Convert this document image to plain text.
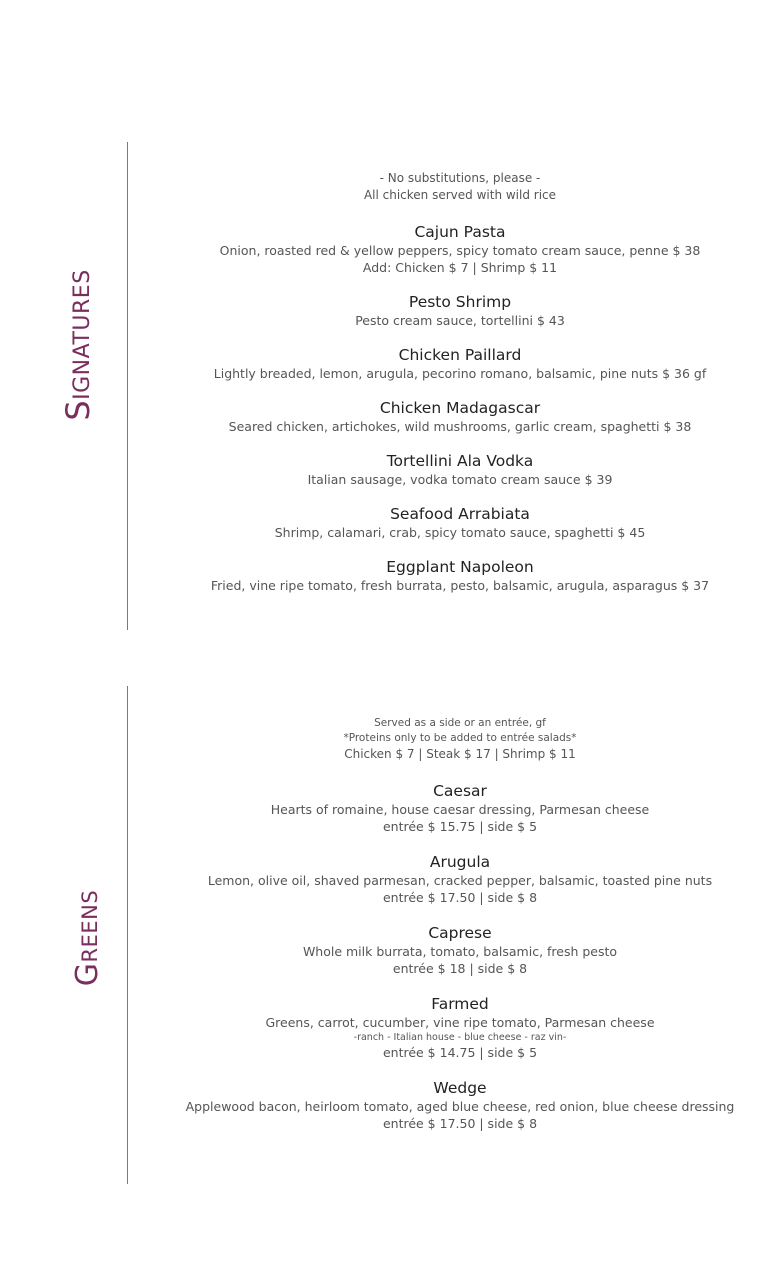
Signatures
- No substitutions, please -
All chicken served with wild rice
Cajun Pasta
Onion, roasted red & yellow peppers, spicy tomato cream sauce, penne $ 38
Add: Chicken $ 7 | Shrimp $ 11
Pesto Shrimp
Pesto cream sauce, tortellini $ 43
Chicken Paillard
Lightly breaded, lemon, arugula, pecorino romano, balsamic, pine nuts $ 36 gf
Chicken Madagascar
Seared chicken, artichokes, wild mushrooms, garlic cream, spaghetti $ 38
Tortellini Ala Vodka
Italian sausage, vodka tomato cream sauce $ 39
Seafood Arrabiata
Shrimp, calamari, crab, spicy tomato sauce, spaghetti $ 45
Eggplant Napoleon
Fried, vine ripe tomato, fresh burrata, pesto, balsamic, arugula, asparagus $ 37
Greens
Served as a side or an entrée, gf
*Proteins only to be added to entrée salads*
Chicken $ 7 | Steak $ 17 | Shrimp $ 11
Caesar
Hearts of romaine, house caesar dressing, Parmesan cheese
entrée $ 15.75 | side $ 5
Arugula
Lemon, olive oil, shaved parmesan, cracked pepper, balsamic, toasted pine nuts
entrée $ 17.50 | side $ 8
Caprese
Whole milk burrata, tomato, balsamic, fresh pesto
entrée $ 18 | side $ 8
Farmed
Greens, carrot, cucumber, vine ripe tomato, Parmesan cheese
-ranch - Italian house - blue cheese - raz vin-
entrée $ 14.75 | side $ 5
Wedge
Applewood bacon, heirloom tomato, aged blue cheese, red onion, blue cheese dressing
entrée $ 17.50 | side $ 8
